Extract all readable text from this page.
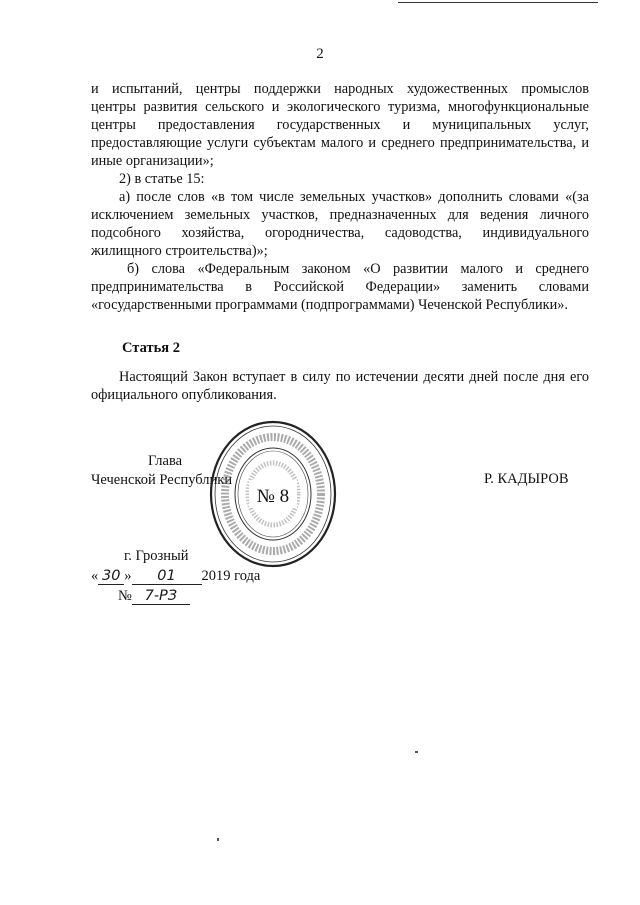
2

и испытаний, центры поддержки народных художественных промыслов

центры развития сельского и экологического туризма, многофункциональные центры предоставления государственных и муниципальных услуг, предоставляющие услуги субъектам малого и среднего предпринимательства, и иные организации»;

2) в статье 15:

а) после слов «в том числе земельных участков» дополнить словами «(за исключением земельных участков, предназначенных для ведения личного подсобного хозяйства, огородничества, садоводства, индивидуального жилищного строительства)»;

б) слова «Федеральным законом «О развитии малого и среднего предпринимательства в Российской Федерации» заменить словами «государственными программами (подпрограммами) Чеченской Республики».

Статья 2

Настоящий Закон вступает в силу по истечении десяти дней после дня его официального опубликования.

Глава
Чеченской Республики	Р. КАДЫРОВ
№ 8
г. Грозный
« 30 » 01 2019 года
№ 7-РЗ
